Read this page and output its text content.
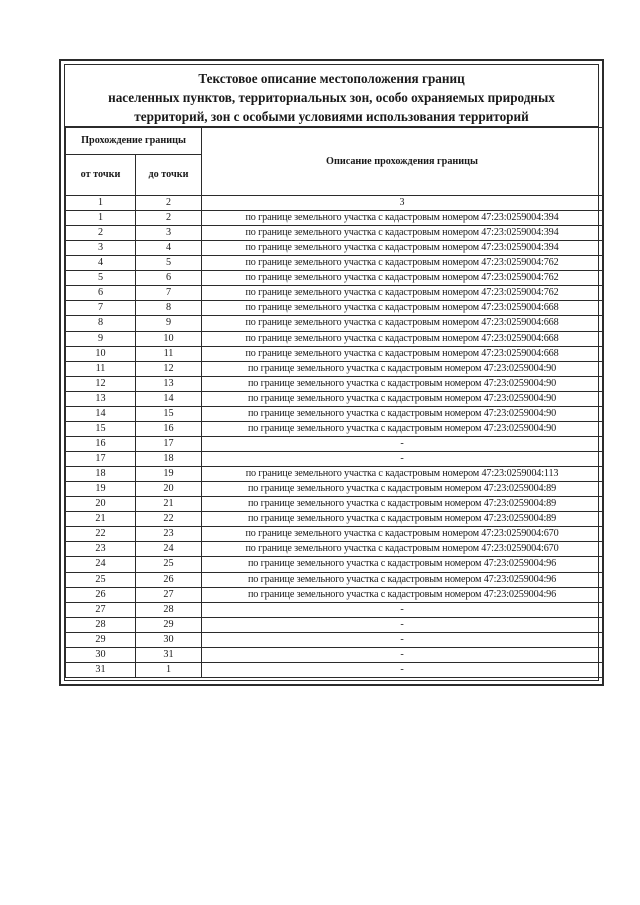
Текстовое описание местоположения границ
населенных пунктов, территориальных зон, особо охраняемых природных
территорий, зон с особыми условиями использования территорий
Прохождение границы		Описание прохождения границы
от точки	до точки	
1	2	3
1	2	по границе земельного участка с кадастровым номером 47:23:0259004:394
2	3	по границе земельного участка с кадастровым номером 47:23:0259004:394
3	4	по границе земельного участка с кадастровым номером 47:23:0259004:394
4	5	по границе земельного участка с кадастровым номером 47:23:0259004:762
5	6	по границе земельного участка с кадастровым номером 47:23:0259004:762
6	7	по границе земельного участка с кадастровым номером 47:23:0259004:762
7	8	по границе земельного участка с кадастровым номером 47:23:0259004:668
8	9	по границе земельного участка с кадастровым номером 47:23:0259004:668
9	10	по границе земельного участка с кадастровым номером 47:23:0259004:668
10	11	по границе земельного участка с кадастровым номером 47:23:0259004:668
11	12	по границе земельного участка с кадастровым номером 47:23:0259004:90
12	13	по границе земельного участка с кадастровым номером 47:23:0259004:90
13	14	по границе земельного участка с кадастровым номером 47:23:0259004:90
14	15	по границе земельного участка с кадастровым номером 47:23:0259004:90
15	16	по границе земельного участка с кадастровым номером 47:23:0259004:90
16	17	-
17	18	-
18	19	по границе земельного участка с кадастровым номером 47:23:0259004:113
19	20	по границе земельного участка с кадастровым номером 47:23:0259004:89
20	21	по границе земельного участка с кадастровым номером 47:23:0259004:89
21	22	по границе земельного участка с кадастровым номером 47:23:0259004:89
22	23	по границе земельного участка с кадастровым номером 47:23:0259004:670
23	24	по границе земельного участка с кадастровым номером 47:23:0259004:670
24	25	по границе земельного участка с кадастровым номером 47:23:0259004:96
25	26	по границе земельного участка с кадастровым номером 47:23:0259004:96
26	27	по границе земельного участка с кадастровым номером 47:23:0259004:96
27	28	-
28	29	-
29	30	-
30	31	-
31	1	-
